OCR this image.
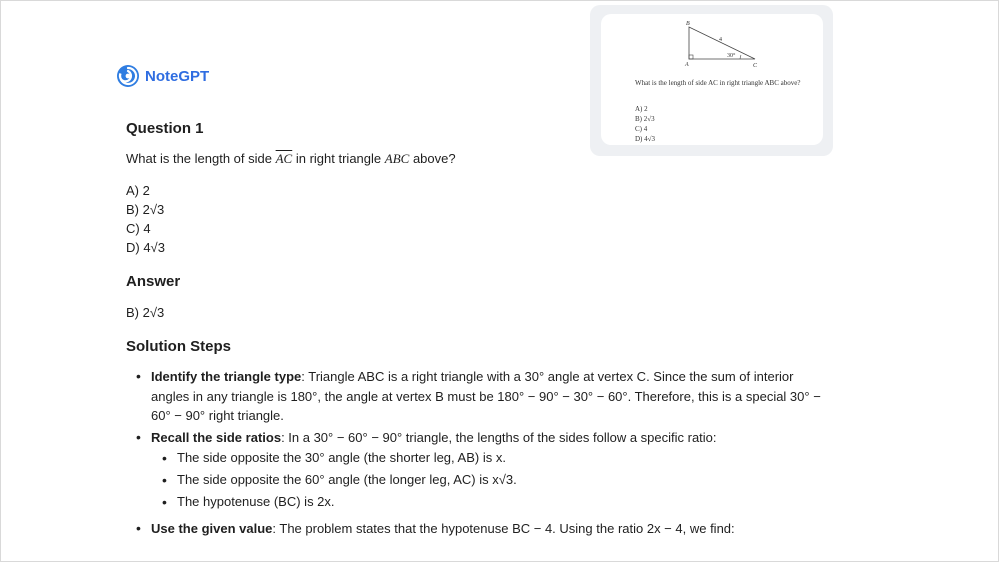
B
A	C
4
30°
What is the length of side AC in right triangle ABC above?
A) 2
B) 2√3
C) 4
D) 4√3
NoteGPT
Question 1
What is the length of side $\overline{AC}$ in right triangle ABC above?
A) 2
B) 2√3
C) 4
D) 4√3
Answer
B) 2√3
Solution Steps
• Identify the triangle type: Triangle ABC is a right triangle with a 30° angle at vertex C. Since the sum of interior angles in any triangle is 180°, the angle at vertex B must be 180° − 90° − 30° − 60°. Therefore, this is a special 30° − 60° − 90° right triangle.
• Recall the side ratios: In a 30° − 60° − 90° triangle, the lengths of the sides follow a specific ratio:
• The side opposite the 30° angle (the shorter leg, AB) is x.
• The side opposite the 60° angle (the longer leg, AC) is x√3.
• The hypotenuse (BC) is 2x.
• Use the given value: The problem states that the hypotenuse BC − 4. Using the ratio 2x − 4, we find:
